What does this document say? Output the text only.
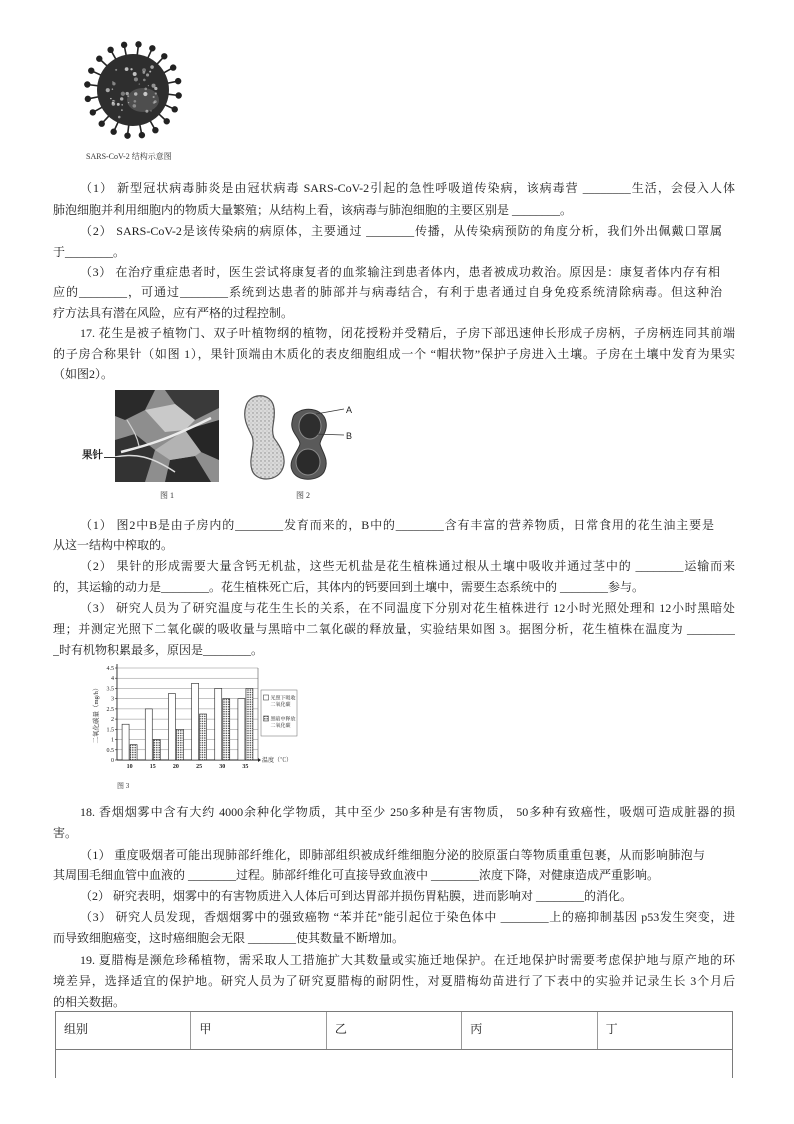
SARS-CoV-2 结构示意图
（1） 新型冠状病毒肺炎是由冠状病毒 SARS-CoV-2引起的急性呼吸道传染病，该病毒营 ________生活，会侵入人体
肺泡细胞并利用细胞内的物质大量繁殖；从结构上看，该病毒与肺泡细胞的主要区别是 ________。
（2） SARS-CoV-2是该传染病的病原体，主要通过 ________传播，从传染病预防的角度分析，我们外出佩戴口罩属
于________。
（3） 在治疗重症患者时，医生尝试将康复者的血浆输注到患者体内，患者被成功救治。原因是：康复者体内存有相
应的________，可通过________系统到达患者的肺部并与病毒结合，有利于患者通过自身免疫系统清除病毒。但这种治
疗方法具有潜在风险，应有严格的过程控制。
17. 花生是被子植物门、双子叶植物纲的植物，闭花授粉并受精后，子房下部迅速伸长形成子房柄，子房柄连同其前端
的子房合称果针（如图 1），果针顶端由木质化的表皮细胞组成一个 “帽状物”保护子房进入土壤。子房在土壤中发育为果实
（如图2）。
果针
图 1
A
B
图 2
（1） 图2中B是由子房内的________发育而来的，B中的________含有丰富的营养物质，日常食用的花生油主要是
从这一结构中榨取的。
（2） 果针的形成需要大量含钙无机盐，这些无机盐是花生植株通过根从土壤中吸收并通过茎中的 ________运输而来
的，其运输的动力是________。花生植株死亡后，其体内的钙要回到土壤中，需要生态系统中的 ________参与。
（3） 研究人员为了研究温度与花生生长的关系，在不同温度下分别对花生植株进行 12小时光照处理和 12小时黑暗处
理；并测定光照下二氧化碳的吸收量与黑暗中二氧化碳的释放量，实验结果如图 3。据图分析，花生植株在温度为 ________
_时有机物积累最多，原因是________。
0
0.5
1
1.5
2
2.5
3
3.5
4
4.5
10	15	20	25	30	35
二氧化碳量（mg/h）
温度（℃）
光照下吸收二氧化碳
黑暗中释放二氧化碳
图 3
18. 香烟烟雾中含有大约 4000余种化学物质，其中至少 250多种是有害物质， 50多种有致癌性，吸烟可造成脏器的损
害。
（1） 重度吸烟者可能出现肺部纤维化，即肺部组织被成纤维细胞分泌的胶原蛋白等物质重重包裹，从而影响肺泡与
其周围毛细血管中血液的 ________过程。肺部纤维化可直接导致血液中 ________浓度下降，对健康造成严重影响。
（2） 研究表明，烟雾中的有害物质进入人体后可到达胃部并损伤胃粘膜，进而影响对 ________的消化。
（3） 研究人员发现，香烟烟雾中的强致癌物 “苯并芘”能引起位于染色体中 ________上的癌抑制基因 p53发生突变，进
而导致细胞癌变，这时癌细胞会无限 ________使其数量不断增加。
19. 夏腊梅是濒危珍稀植物，需采取人工措施扩大其数量或实施迁地保护。在迁地保护时需要考虑保护地与原产地的环
境差异，选择适宜的保护地。研究人员为了研究夏腊梅的耐阴性，对夏腊梅幼苗进行了下表中的实验并记录生长 3个月后
的相关数据。
组别	甲	乙	丙	丁
